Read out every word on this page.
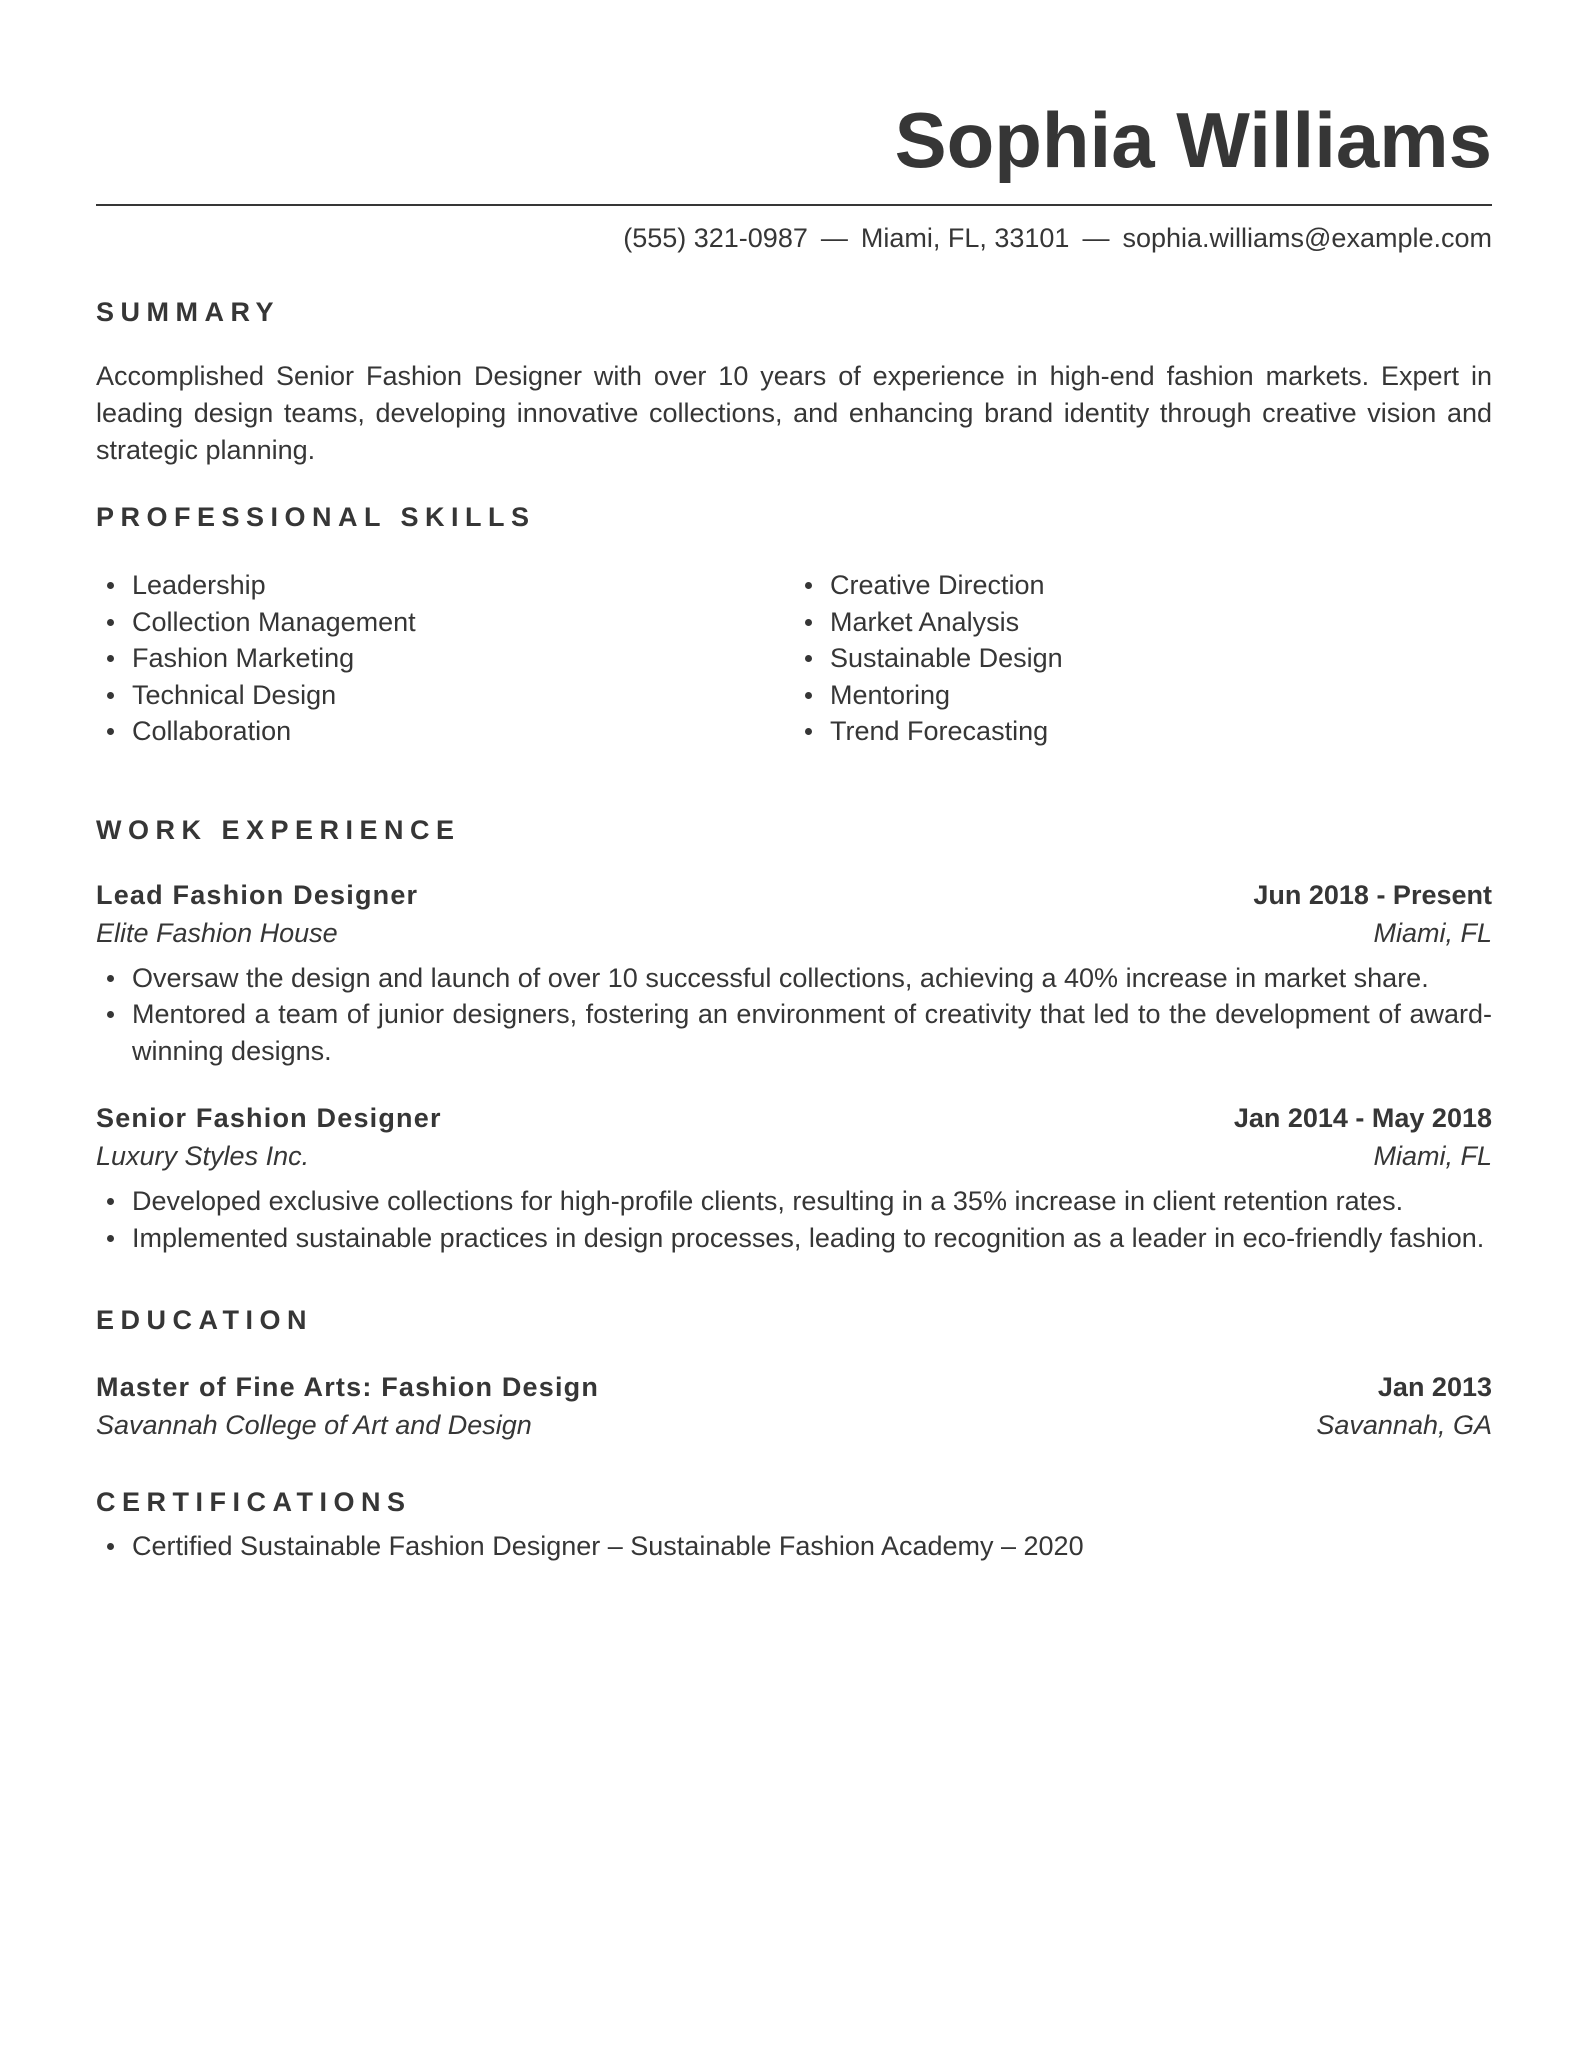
Sophia Williams
(555) 321-0987 — Miami, FL, 33101 — sophia.williams@example.com
SUMMARY

Accomplished Senior Fashion Designer with over 10 years of experience in high-end fashion markets. Expert in leading design teams, developing innovative collections, and enhancing brand identity through creative vision and strategic planning.

PROFESSIONAL SKILLS
Leadership
Collection Management
Fashion Marketing
Technical Design
Collaboration
Creative Direction
Market Analysis
Sustainable Design
Mentoring
Trend Forecasting
WORK EXPERIENCE
Lead Fashion Designer	Jun 2018 - Present
Elite Fashion House	Miami, FL
Oversaw the design and launch of over 10 successful collections, achieving a 40% increase in market share.
Mentored a team of junior designers, fostering an environment of creativity that led to the development of award-winning designs.
Senior Fashion Designer	Jan 2014 - May 2018
Luxury Styles Inc.	Miami, FL
Developed exclusive collections for high-profile clients, resulting in a 35% increase in client retention rates.
Implemented sustainable practices in design processes, leading to recognition as a leader in eco-friendly fashion.
EDUCATION
Master of Fine Arts: Fashion Design	Jan 2013
Savannah College of Art and Design	Savannah, GA
CERTIFICATIONS
Certified Sustainable Fashion Designer – Sustainable Fashion Academy – 2020
